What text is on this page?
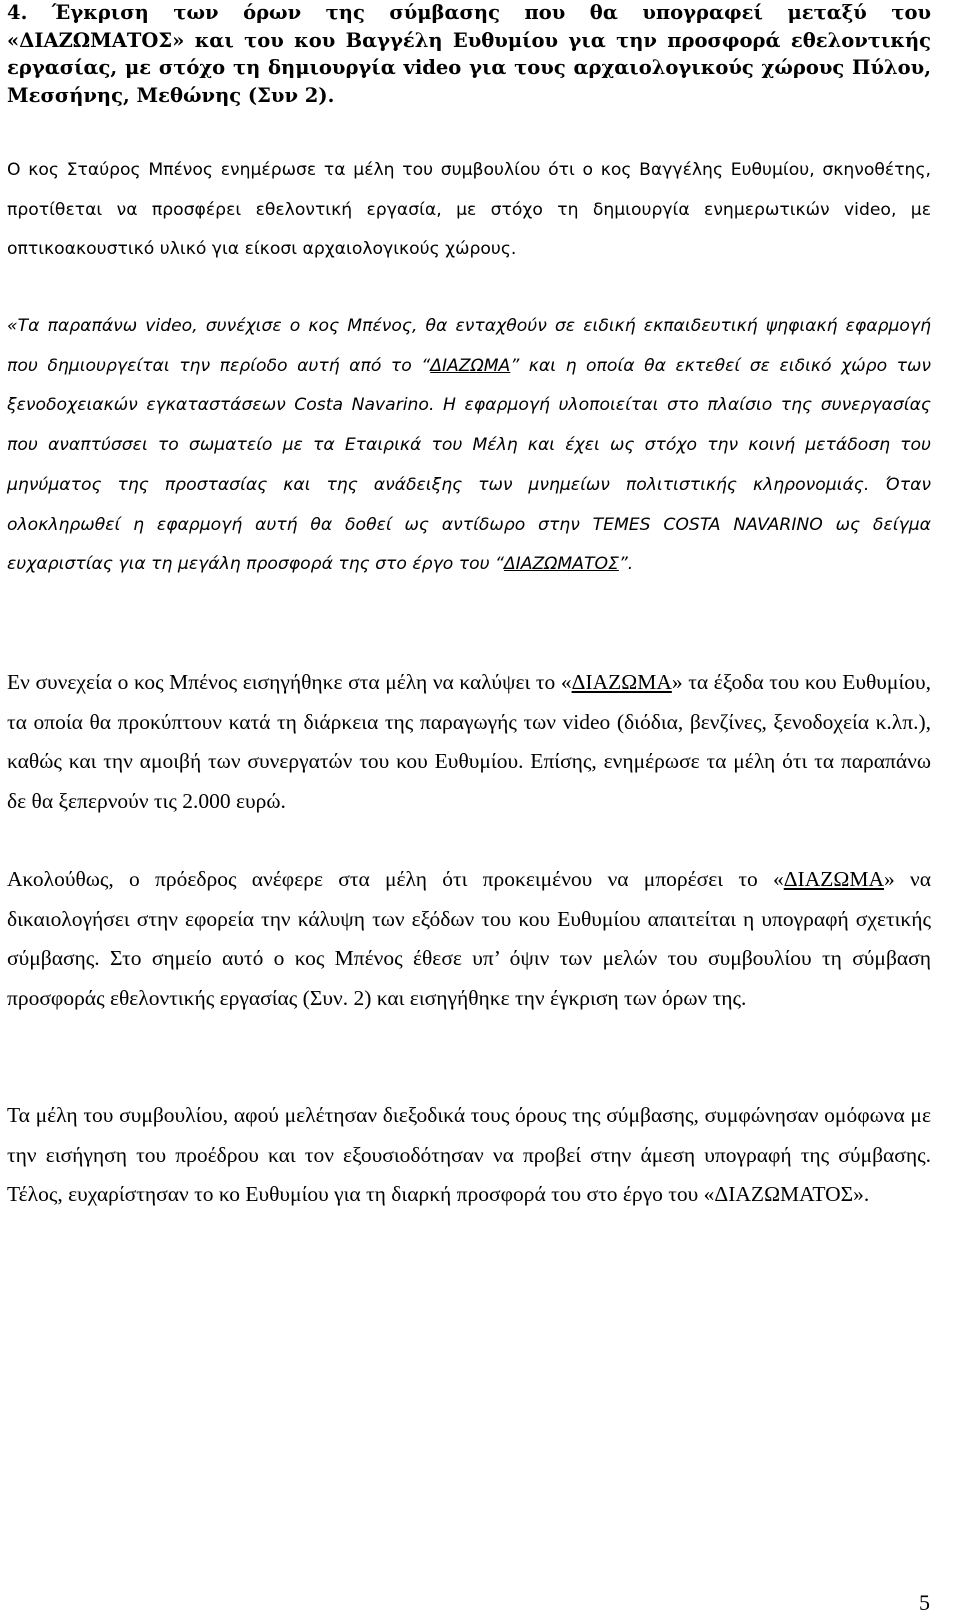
4. Έγκριση των όρων της σύμβασης που θα υπογραφεί μεταξύ του «ΔΙΑΖΩΜΑΤΟΣ» και του κου Βαγγέλη Ευθυμίου για την προσφορά εθελοντικής εργασίας, με στόχο τη δημιουργία video για τους αρχαιολογικούς χώρους Πύλου, Μεσσήνης, Μεθώνης (Συν 2).

Ο κος Σταύρος Μπένος ενημέρωσε τα μέλη του συμβουλίου ότι ο κος Βαγγέλης Ευθυμίου, σκηνοθέτης, προτίθεται να προσφέρει εθελοντική εργασία, με στόχο τη δημιουργία ενημερωτικών video, με οπτικοακουστικό υλικό για είκοσι αρχαιολογικούς χώρους.

«Τα παραπάνω video, συνέχισε ο κος Μπένος, θα ενταχθούν σε ειδική εκπαιδευτική ψηφιακή εφαρμογή που δημιουργείται την περίοδο αυτή από το “ΔΙΑΖΩΜΑ” και η οποία θα εκτεθεί σε ειδικό χώρο των ξενοδοχειακών εγκαταστάσεων Costa Navarino. Η εφαρμογή υλοποιείται στο πλαίσιο της συνεργασίας που αναπτύσσει το σωματείο με τα Εταιρικά του Μέλη και έχει ως στόχο την κοινή μετάδοση του μηνύματος της προστασίας και της ανάδειξης των μνημείων πολιτιστικής κληρονομιάς. Όταν ολοκληρωθεί η εφαρμογή αυτή θα δοθεί ως αντίδωρο στην TEMES COSTA NAVARINO ως δείγμα ευχαριστίας για τη μεγάλη προσφορά της στο έργο του “ΔΙΑΖΩΜΑΤΟΣ”.

Εν συνεχεία ο κος Μπένος εισηγήθηκε στα μέλη να καλύψει το «ΔΙΑΖΩΜΑ» τα έξοδα του κου Ευθυμίου, τα οποία θα προκύπτουν κατά τη διάρκεια της παραγωγής των video (διόδια, βενζίνες, ξενοδοχεία κ.λπ.), καθώς και την αμοιβή των συνεργατών του κου Ευθυμίου. Επίσης, ενημέρωσε τα μέλη ότι τα παραπάνω δε θα ξεπερνούν τις 2.000 ευρώ.

Ακολούθως, ο πρόεδρος ανέφερε στα μέλη ότι προκειμένου να μπορέσει το «ΔΙΑΖΩΜΑ» να δικαιολογήσει στην εφορεία την κάλυψη των εξόδων του κου Ευθυμίου απαιτείται η υπογραφή σχετικής σύμβασης. Στο σημείο αυτό ο κος Μπένος έθεσε υπ’ όψιν των μελών του συμβουλίου τη σύμβαση προσφοράς εθελοντικής εργασίας (Συν. 2) και εισηγήθηκε την έγκριση των όρων της.

Τα μέλη του συμβουλίου, αφού μελέτησαν διεξοδικά τους όρους της σύμβασης, συμφώνησαν ομόφωνα με την εισήγηση του προέδρου και τον εξουσιοδότησαν να προβεί στην άμεση υπογραφή της σύμβασης. Τέλος, ευχαρίστησαν το κο Ευθυμίου για τη διαρκή προσφορά του στο έργο του «ΔΙΑΖΩΜΑΤΟΣ».

5
